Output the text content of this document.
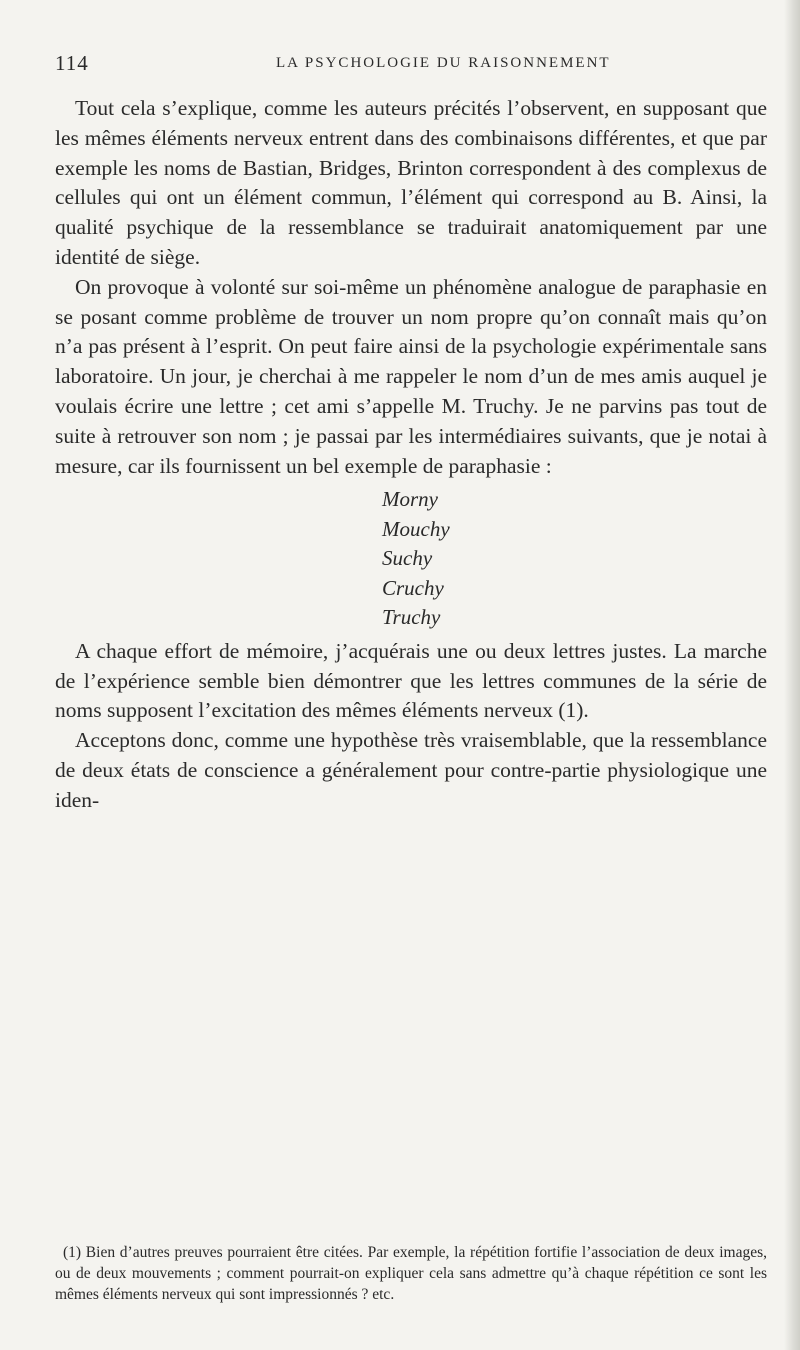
114	LA PSYCHOLOGIE DU RAISONNEMENT

Tout cela s’explique, comme les auteurs précités l’observent, en supposant que les mêmes éléments nerveux entrent dans des combinaisons différentes, et que par exemple les noms de Bastian, Bridges, Brinton correspondent à des complexus de cellules qui ont un élément commun, l’élément qui correspond au B. Ainsi, la qualité psychique de la ressemblance se traduirait anatomiquement par une identité de siège.

On provoque à volonté sur soi-même un phénomène analogue de paraphasie en se posant comme problème de trouver un nom propre qu’on connaît mais qu’on n’a pas présent à l’esprit. On peut faire ainsi de la psychologie expérimentale sans laboratoire. Un jour, je cherchai à me rappeler le nom d’un de mes amis auquel je voulais écrire une lettre ; cet ami s’appelle M. Truchy. Je ne parvins pas tout de suite à retrouver son nom ; je passai par les intermédiaires suivants, que je notai à mesure, car ils fournissent un bel exemple de paraphasie :

Morny
Mouchy
Suchy
Cruchy
Truchy

A chaque effort de mémoire, j’acquérais une ou deux lettres justes. La marche de l’expérience semble bien démontrer que les lettres communes de la série de noms supposent l’excitation des mêmes éléments nerveux (1).

Acceptons donc, comme une hypothèse très vraisemblable, que la ressemblance de deux états de conscience a généralement pour contre-partie physiologique une iden-

(1) Bien d’autres preuves pourraient être citées. Par exemple, la répétition fortifie l’association de deux images, ou de deux mouvements ; comment pourrait-on expliquer cela sans admettre qu’à chaque répétition ce sont les mêmes éléments nerveux qui sont impressionnés ? etc.
